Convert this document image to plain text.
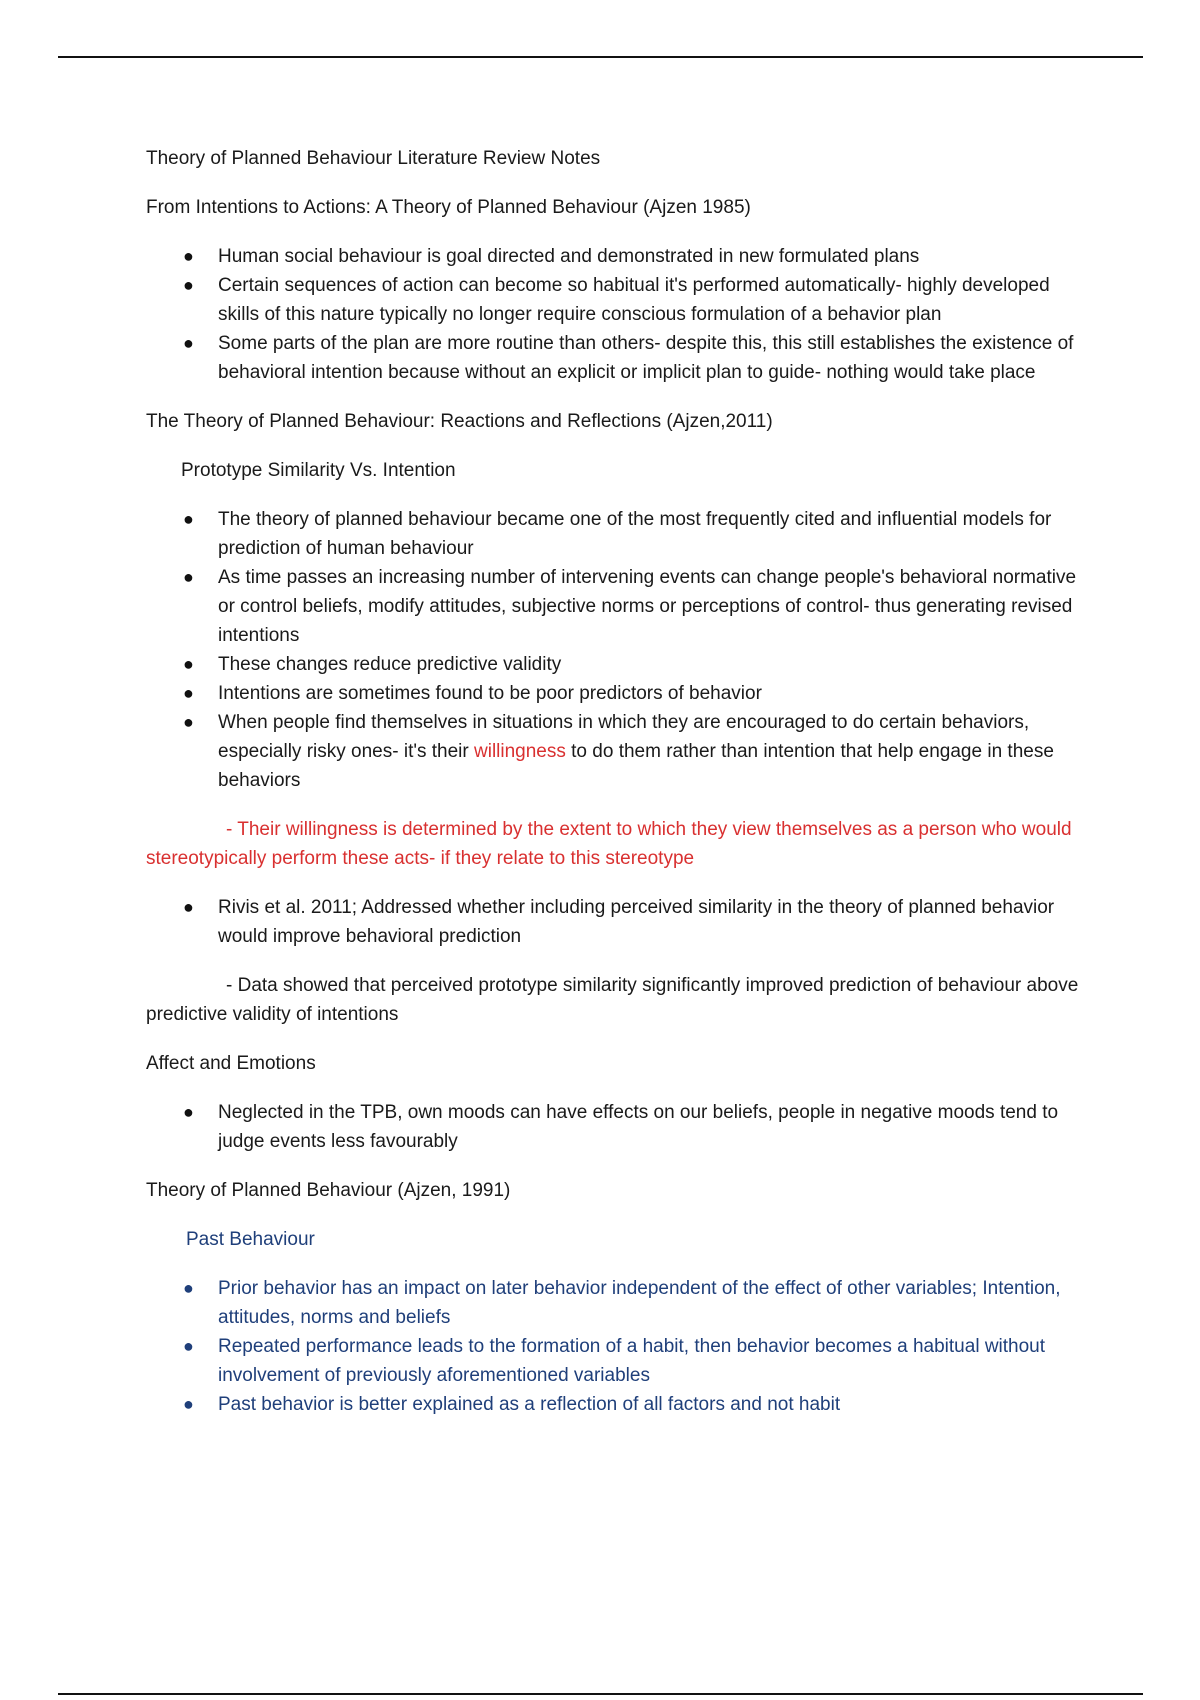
Theory of Planned Behaviour Literature Review Notes

From Intentions to Actions: A Theory of Planned Behaviour (Ajzen 1985)

● Human social behaviour is goal directed and demonstrated in new formulated plans
● Certain sequences of action can become so habitual it's performed automatically- highly developed skills of this nature typically no longer require conscious formulation of a behavior plan
● Some parts of the plan are more routine than others- despite this, this still establishes the existence of behavioral intention because without an explicit or implicit plan to guide- nothing would take place

The Theory of Planned Behaviour: Reactions and Reflections (Ajzen,2011)

Prototype Similarity Vs. Intention

● The theory of planned behaviour became one of the most frequently cited and influential models for prediction of human behaviour
● As time passes an increasing number of intervening events can change people's behavioral normative or control beliefs, modify attitudes, subjective norms or perceptions of control- thus generating revised intentions
● These changes reduce predictive validity
● Intentions are sometimes found to be poor predictors of behavior
● When people find themselves in situations in which they are encouraged to do certain behaviors, especially risky ones- it's their willingness to do them rather than intention that help engage in these behaviors

- Their willingness is determined by the extent to which they view themselves as a person who would stereotypically perform these acts- if they relate to this stereotype

● Rivis et al. 2011; Addressed whether including perceived similarity in the theory of planned behavior would improve behavioral prediction

- Data showed that perceived prototype similarity significantly improved prediction of behaviour above predictive validity of intentions

Affect and Emotions

● Neglected in the TPB, own moods can have effects on our beliefs, people in negative moods tend to judge events less favourably

Theory of Planned Behaviour (Ajzen, 1991)

Past Behaviour

● Prior behavior has an impact on later behavior independent of the effect of other variables; Intention, attitudes, norms and beliefs
● Repeated performance leads to the formation of a habit, then behavior becomes a habitual without involvement of previously aforementioned variables
● Past behavior is better explained as a reflection of all factors and not habit
